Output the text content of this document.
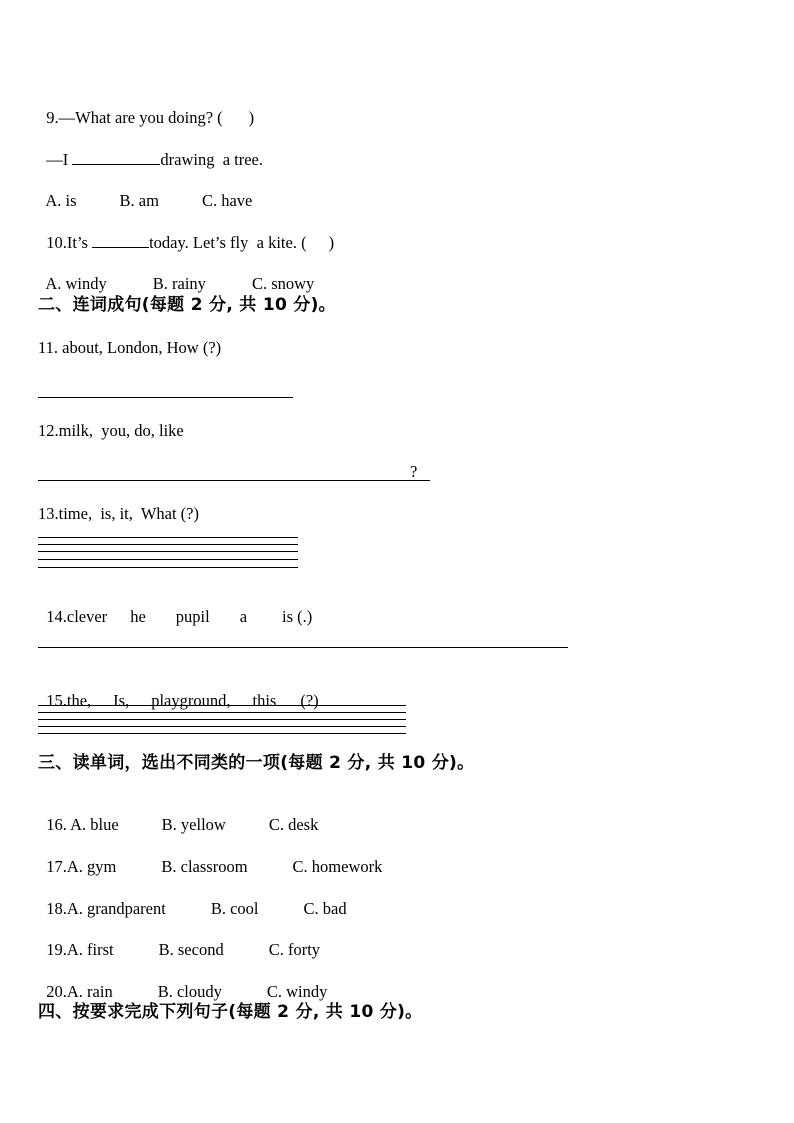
9.—What are you doing? ( )

—I	drawing  a tree.

A. is	B. am	C. have

10.It’s	today. Let’s fly  a kite. ( )

A. windy	B. rainy	C. snowy

二、连词成句(每题 2 分, 共 10 分)。
11. about, London, How (?)
12.milk,  you, do, like
?
13.time,  is, it,  What (?)

14.clever he pupil a is (.)

15.the, Is, playground, this (?)

三、读单词，选出不同类的一项(每题 2 分, 共 10 分)。

16. A. blue	B. yellow	C. desk

17.A. gym	B. classroom	C. homework

18.A. grandparent	B. cool	C. bad

19.A. first	B. second	C. forty

20.A. rain	B. cloudy	C. windy

四、按要求完成下列句子(每题 2 分, 共 10 分)。
